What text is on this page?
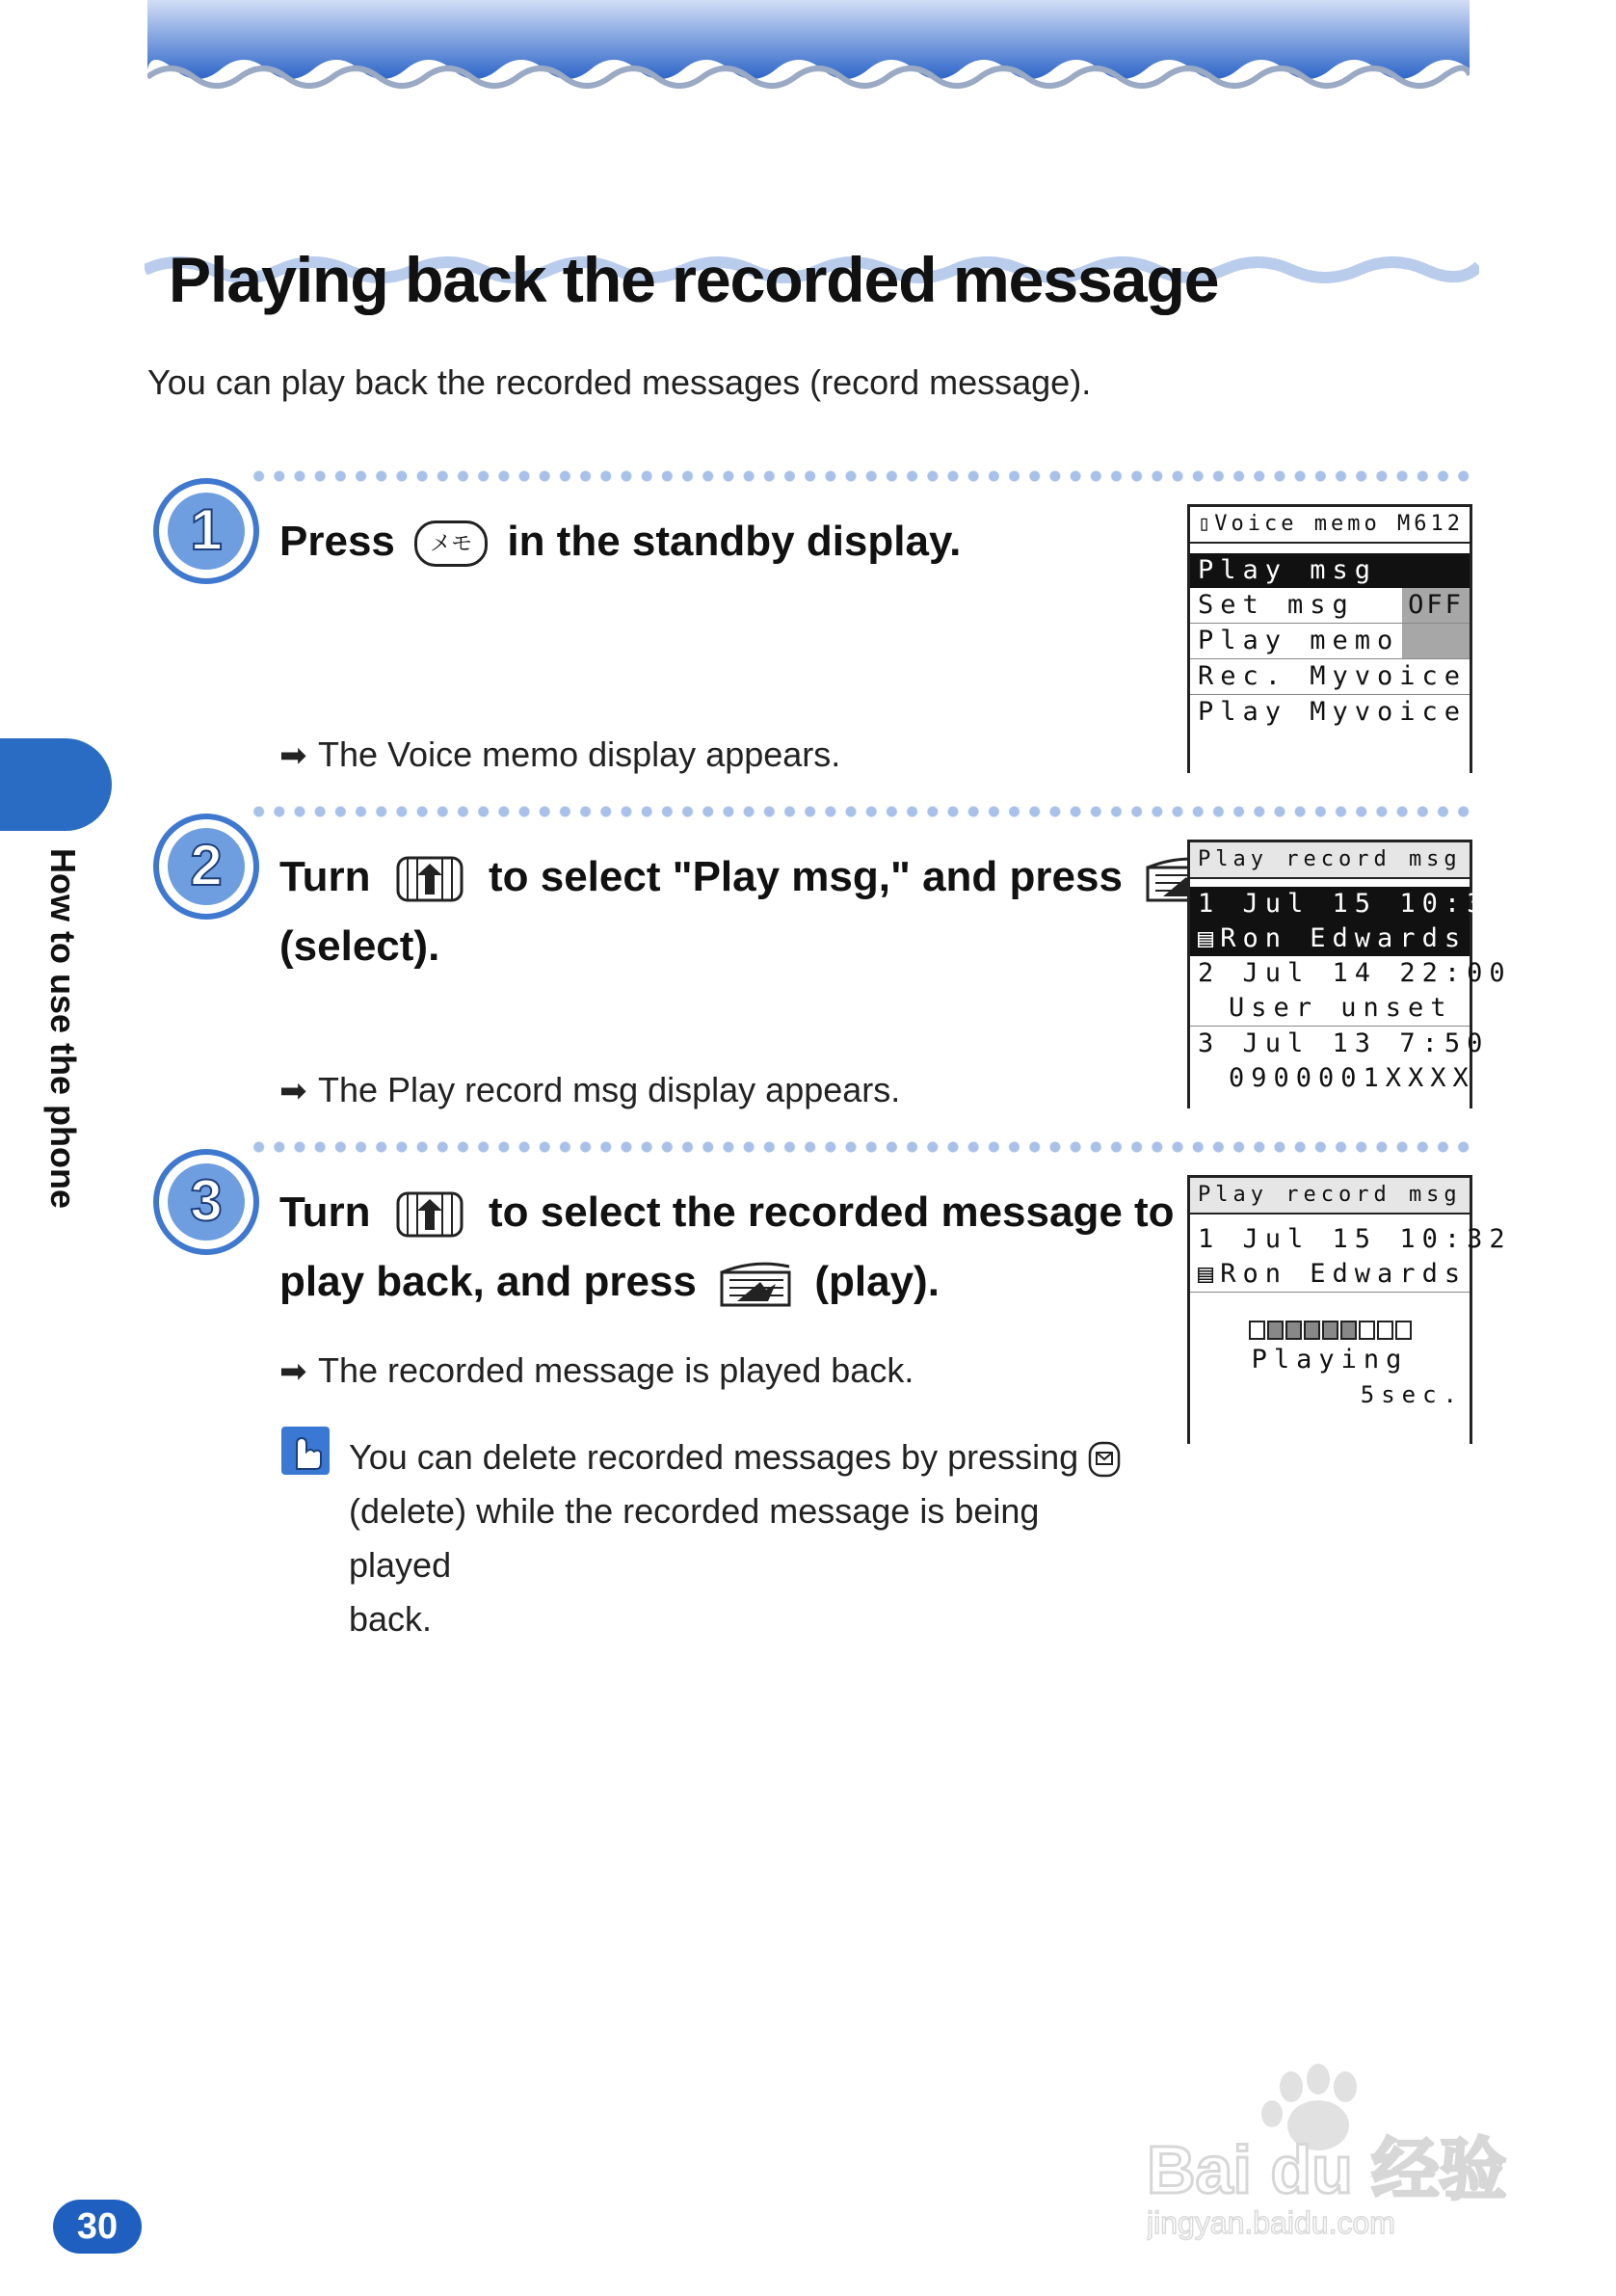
Playing back the recorded message
You can play back the recorded messages (record message).
How to use the phone
1
2
3
Press メモ in the standby display.
➡ The Voice memo display appears.
Turn	to select "Play msg," and press
(select).
➡ The Play record msg display appears.
Turn	to select the recorded message to
play back, and press	(play).
➡ The recorded message is played back.
You can delete recorded messages by pressing
(delete) while the recorded message is being played
back.
▯Voice memo M612
Play msg
Set msg OFF
Play memo
Rec. Myvoice
Play Myvoice
Play record msg
1 Jul 15 10:32
▤Ron Edwards
2 Jul 14 22:00
User unset
3 Jul 13 7:50
0900001XXXX
Play record msg
1 Jul 15 10:32
▤Ron Edwards
Playing
5sec.
Bai du 经验
jingyan.baidu.com
30
